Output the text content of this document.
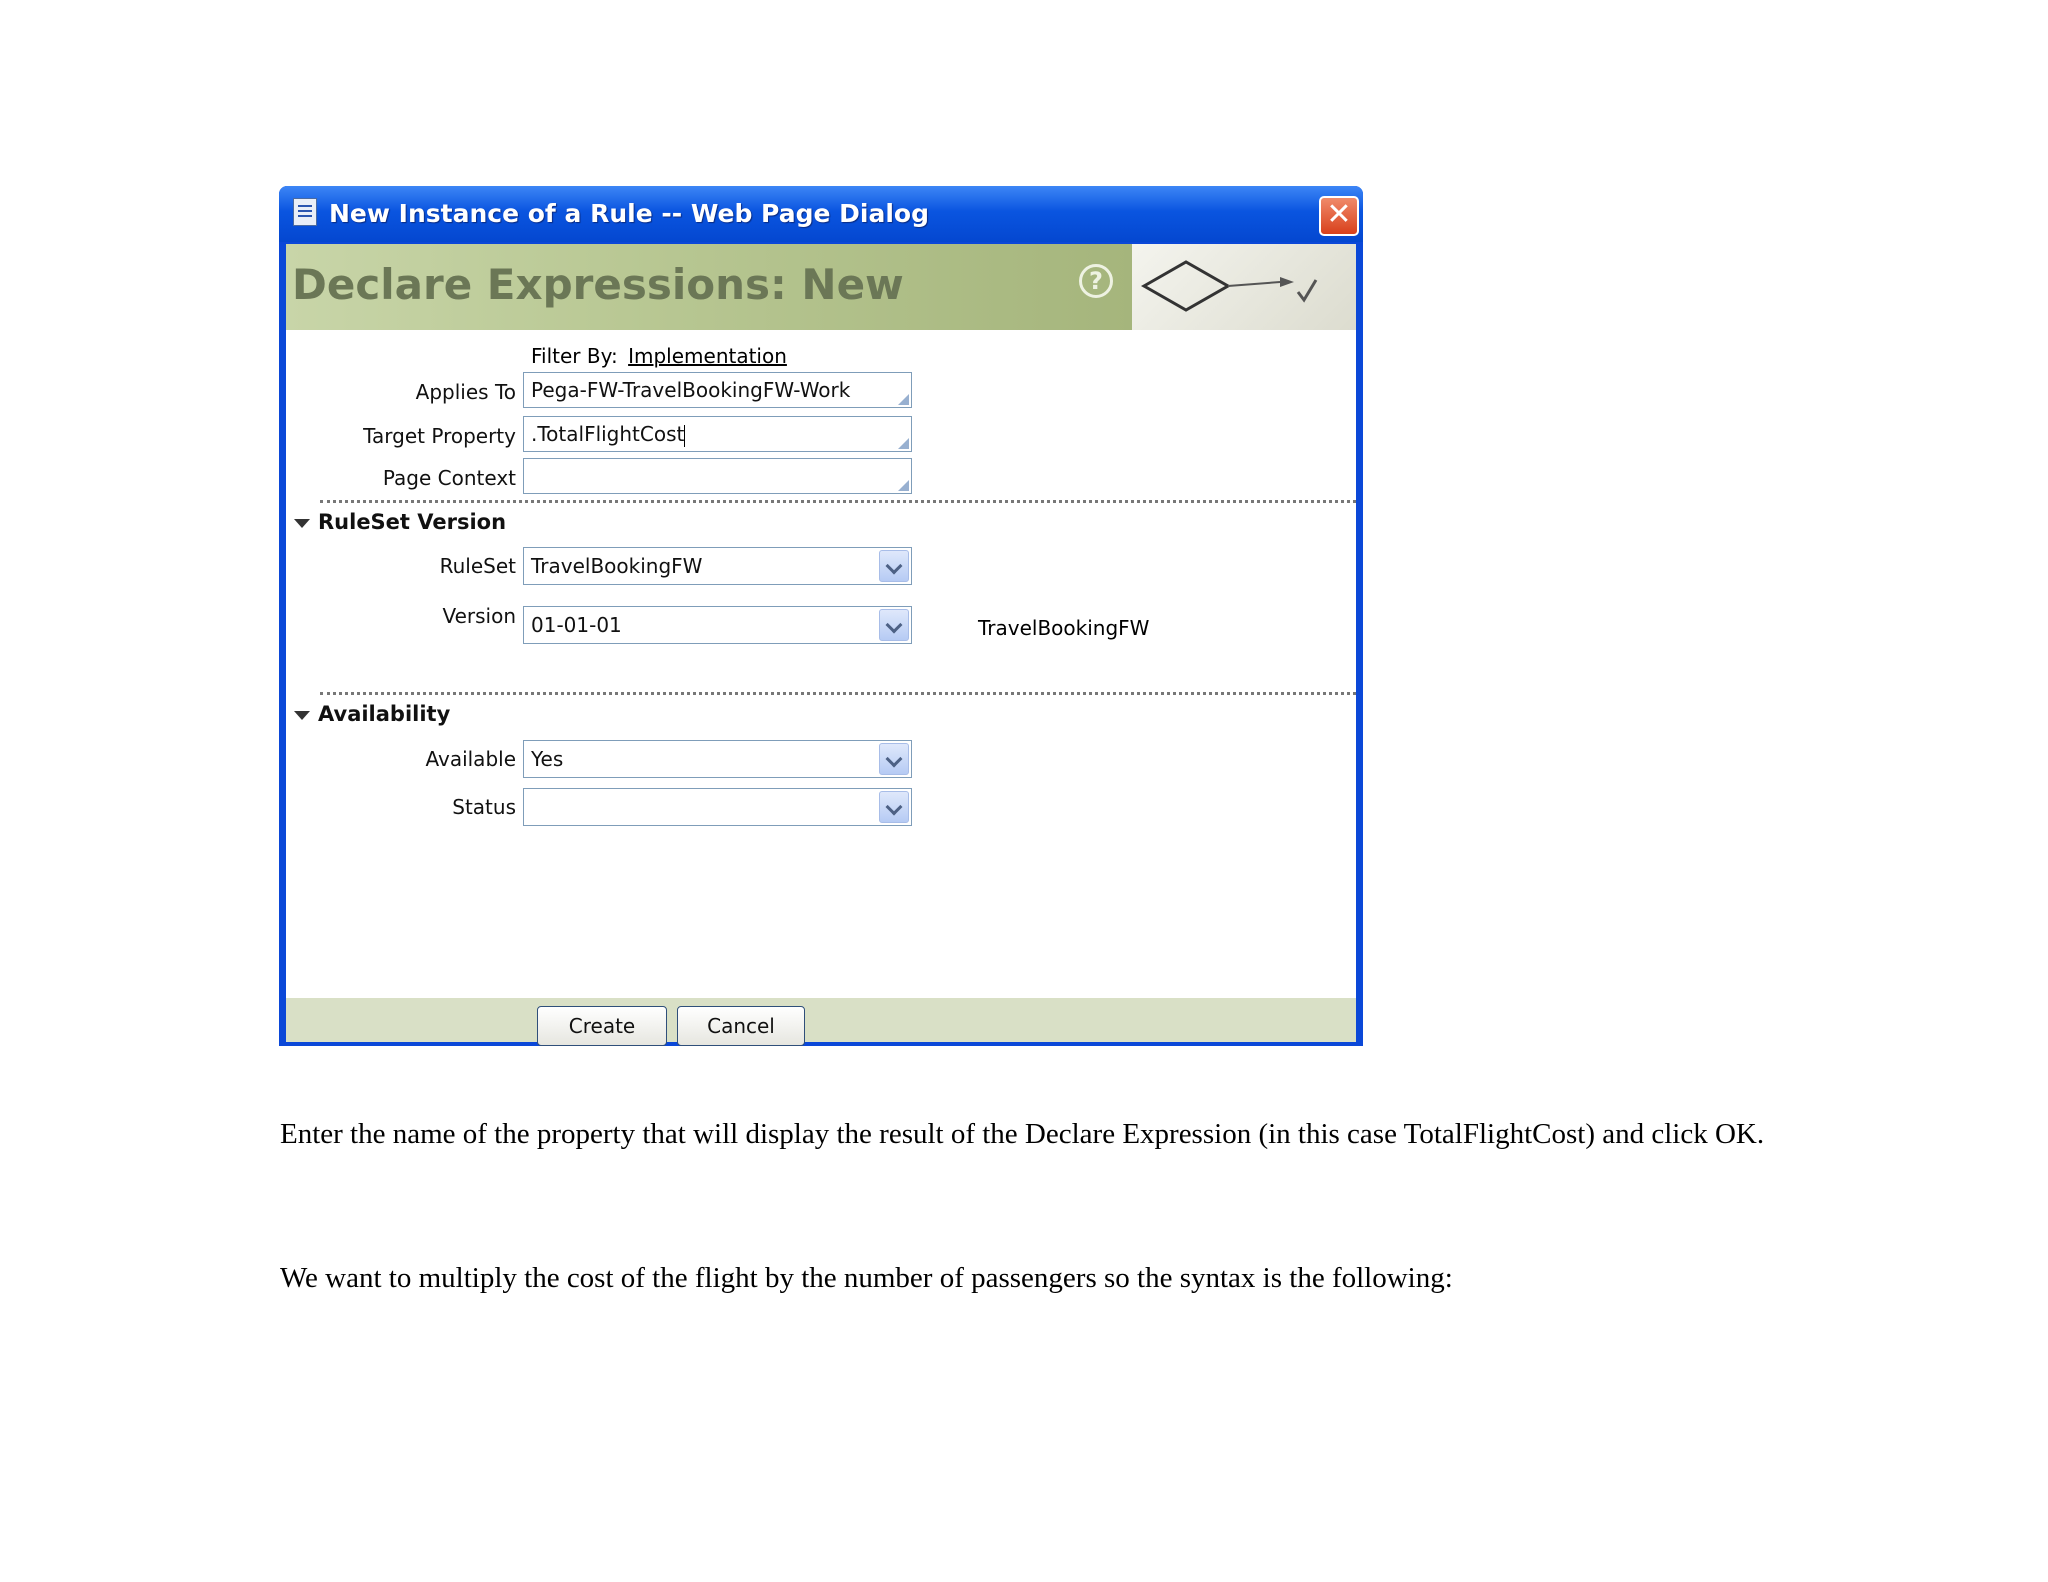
New Instance of a Rule -- Web Page Dialog	✕
Declare Expressions: New	?
Filter By: Implementation
Applies To Pega-FW-TravelBookingFW-Work
Target Property .TotalFlightCost
Page Context
RuleSet Version
RuleSet TravelBookingFW
Version 01-01-01	TravelBookingFW
Availability
Available Yes
Status
Create	Cancel
Enter the name of the property that will display the result of the Declare Expression (in this case TotalFlightCost) and click OK.
We want to multiply the cost of the flight by the number of passengers so the syntax is the following:
